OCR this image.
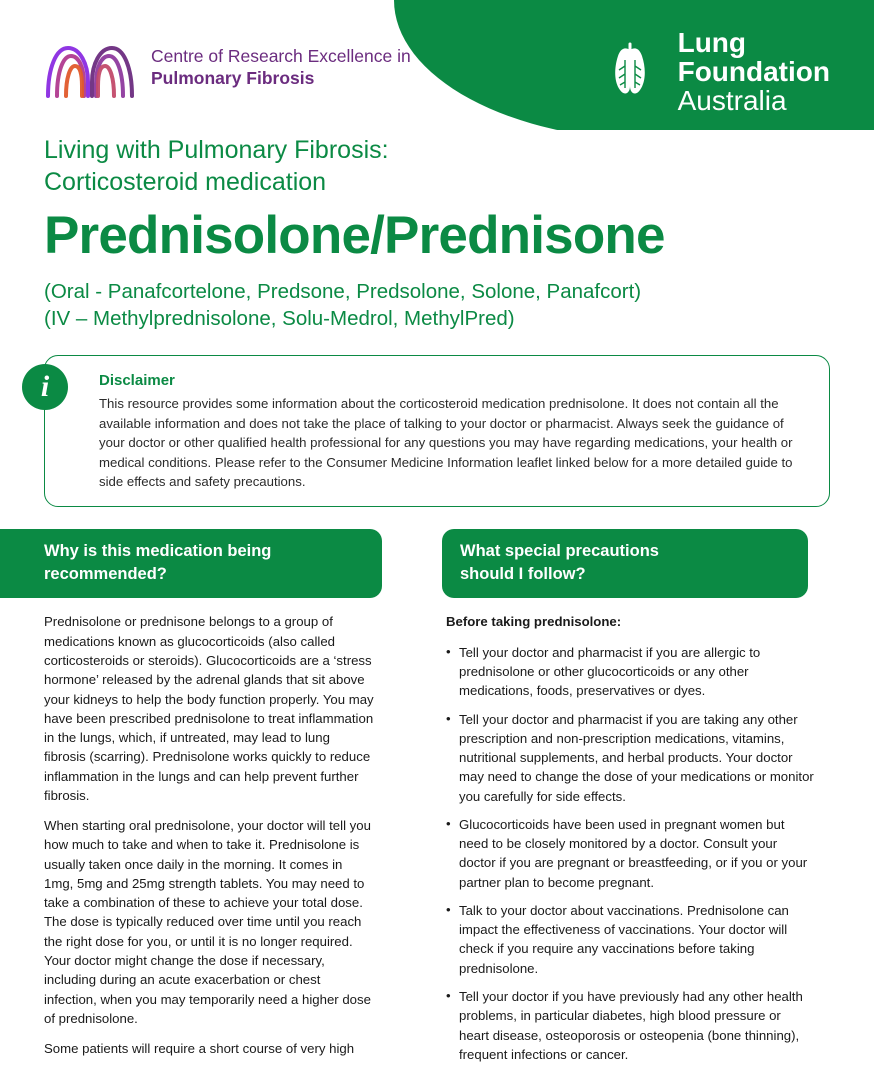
Centre of Research Excellence in
Pulmonary Fibrosis
Lung
Foundation
Australia
Living with Pulmonary Fibrosis:
Corticosteroid medication
Prednisolone/Prednisone
(Oral - Panafcortelone, Predsone, Predsolone, Solone, Panafcort)
(IV – Methylprednisolone, Solu-Medrol, MethylPred)
i	Disclaimer
This resource provides some information about the corticosteroid medication prednisolone. It does not contain all the available information and does not take the place of talking to your doctor or pharmacist. Always seek the guidance of your doctor or other qualified health professional for any questions you may have regarding medications, your health or medical conditions. Please refer to the Consumer Medicine Information leaflet linked below for a more detailed guide to side effects and safety precautions.
Why is this medication being
recommended?

Prednisolone or prednisone belongs to a group of medications known as glucocorticoids (also called corticosteroids or steroids). Glucocorticoids are a ‘stress hormone’ released by the adrenal glands that sit above your kidneys to help the body function properly. You may have been prescribed prednisolone to treat inflammation in the lungs, which, if untreated, may lead to lung fibrosis (scarring). Prednisolone works quickly to reduce inflammation in the lungs and can help prevent further fibrosis.

When starting oral prednisolone, your doctor will tell you how much to take and when to take it. Prednisolone is usually taken once daily in the morning. It comes in 1mg, 5mg and 25mg strength tablets. You may need to take a combination of these to achieve your total dose. The dose is typically reduced over time until you reach the right dose for you, or until it is no longer required. Your doctor might change the dose if necessary, including during an acute exacerbation or chest infection, when you may temporarily need a higher dose of prednisolone.

Some patients will require a short course of very high

What special precautions
should I follow?

Before taking prednisolone:

• Tell your doctor and pharmacist if you are allergic to prednisolone or other glucocorticoids or any other medications, foods, preservatives or dyes.
• Tell your doctor and pharmacist if you are taking any other prescription and non-prescription medications, vitamins, nutritional supplements, and herbal products. Your doctor may need to change the dose of your medications or monitor you carefully for side effects.
• Glucocorticoids have been used in pregnant women but need to be closely monitored by a doctor. Consult your doctor if you are pregnant or breastfeeding, or if you or your partner plan to become pregnant.
• Talk to your doctor about vaccinations. Prednisolone can impact the effectiveness of vaccinations. Your doctor will check if you require any vaccinations before taking prednisolone.
• Tell your doctor if you have previously had any other health problems, in particular diabetes, high blood pressure or heart disease, osteoporosis or osteopenia (bone thinning), frequent infections or cancer.
